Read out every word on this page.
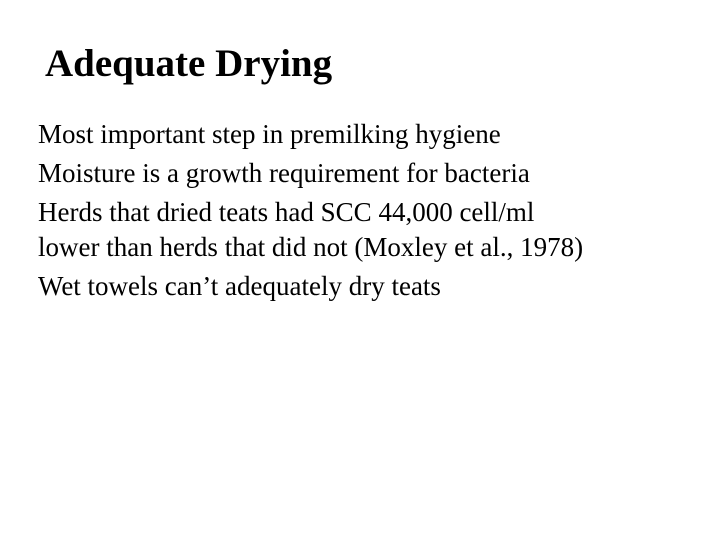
Adequate Drying
Most important step in premilking hygiene
Moisture is a growth requirement for bacteria
Herds that dried teats had SCC 44,000 cell/ml
lower than herds that did not (Moxley et al., 1978)
Wet towels can’t adequately dry teats
